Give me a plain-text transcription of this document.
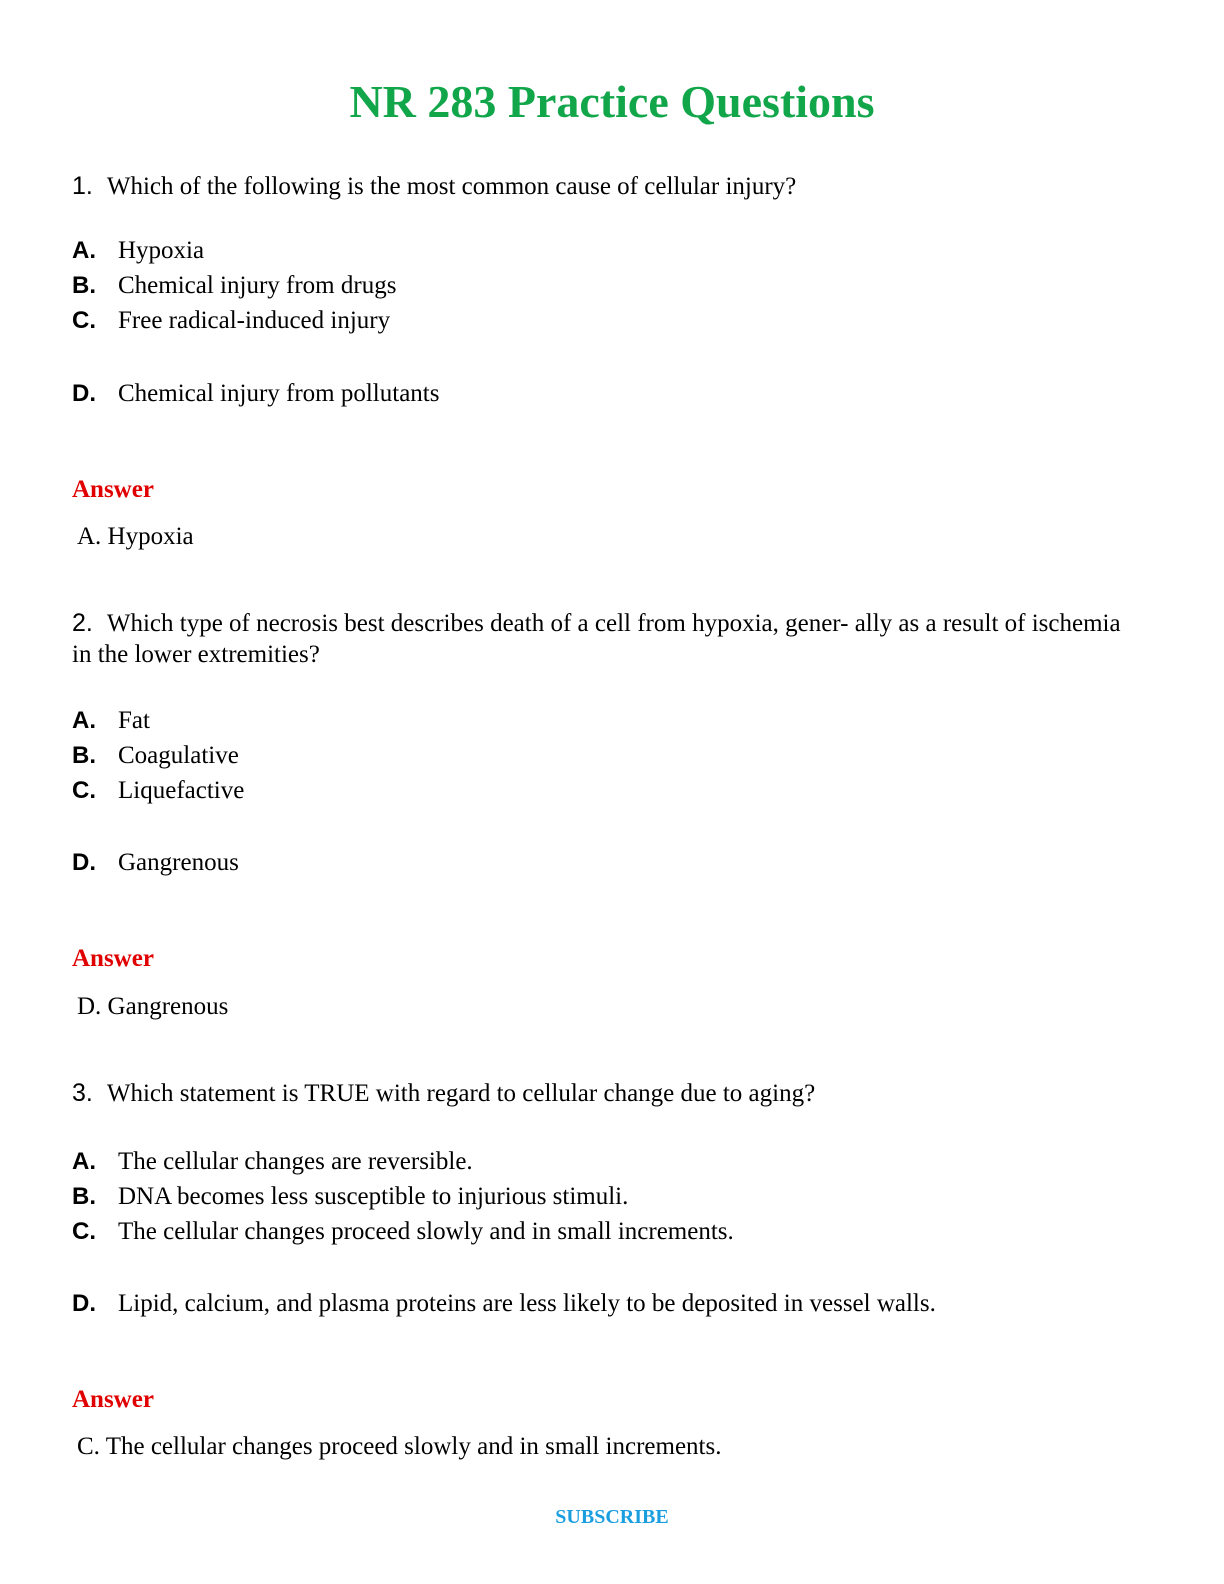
NR 283 Practice Questions

1. Which of the following is the most common cause of cellular injury?

A. Hypoxia

B. Chemical injury from drugs

C. Free radical-induced injury

D. Chemical injury from pollutants

Answer

A. Hypoxia

2. Which type of necrosis best describes death of a cell from hypoxia, gener- ally as a result of ischemia in the lower extremities?

A. Fat

B. Coagulative

C. Liquefactive

D. Gangrenous

Answer

D. Gangrenous

3. Which statement is TRUE with regard to cellular change due to aging?

A. The cellular changes are reversible.

B. DNA becomes less susceptible to injurious stimuli.

C. The cellular changes proceed slowly and in small increments.

D. Lipid, calcium, and plasma proteins are less likely to be deposited in vessel walls.

Answer

C. The cellular changes proceed slowly and in small increments.

SUBSCRIBE
